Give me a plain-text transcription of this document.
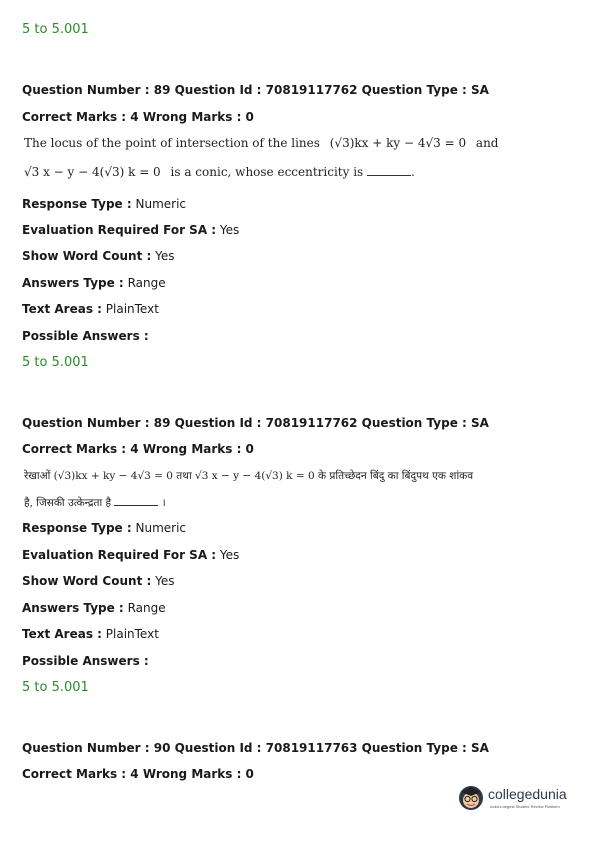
5 to 5.001
Question Number : 89 Question Id : 70819117762 Question Type : SA
Correct Marks : 4 Wrong Marks : 0
The locus of the point of intersection of the lines (√3)kx + ky − 4√3 = 0 and
√3 x − y − 4(√3) k = 0 is a conic, whose eccentricity is	.
Response Type : Numeric
Evaluation Required For SA : Yes
Show Word Count : Yes
Answers Type : Range
Text Areas : PlainText
Possible Answers :
5 to 5.001
Question Number : 89 Question Id : 70819117762 Question Type : SA
Correct Marks : 4 Wrong Marks : 0
रेखाओं (√3)kx + ky − 4√3 = 0 तथा √3 x − y − 4(√3) k = 0 के प्रतिच्छेदन बिंदु का बिंदुपथ एक शांकव
है, जिसकी उत्केन्द्रता है	।
Response Type : Numeric
Evaluation Required For SA : Yes
Show Word Count : Yes
Answers Type : Range
Text Areas : PlainText
Possible Answers :
5 to 5.001
Question Number : 90 Question Id : 70819117763 Question Type : SA
Correct Marks : 4 Wrong Marks : 0
collegedunia
India's largest Student Review Platform
